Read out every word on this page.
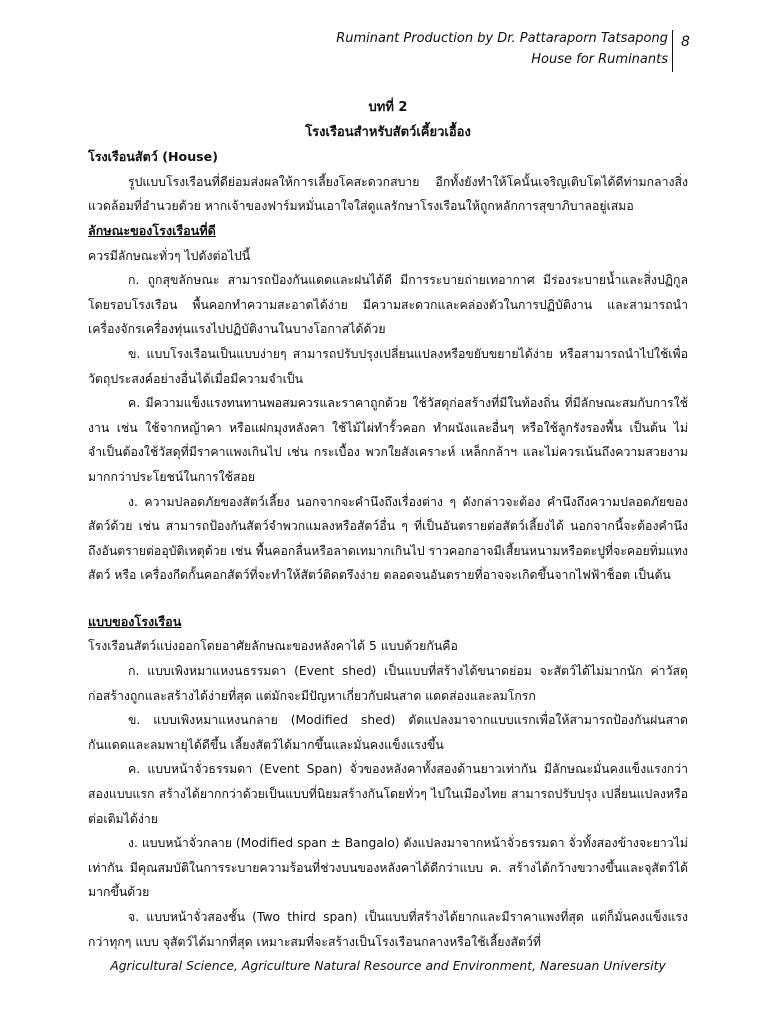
Ruminant Production by Dr. Pattaraporn Tatsapong
House for Ruminants
8
บทที่ 2
โรงเรือนสำหรับสัตว์เคี้ยวเอื้อง
โรงเรือนสัตว์ (House)

รูปแบบโรงเรือนที่ดีย่อมส่งผลให้การเลี้ยงโคสะดวกสบาย อีกทั้งยังทำให้โคนั้นเจริญเติบโตได้ดีท่ามกลางสิ่งแวดล้อมที่อำนวยด้วย หากเจ้าของฟาร์มหมั่นเอาใจใส่ดูแลรักษาโรงเรือนให้ถูกหลักการสุขาภิบาลอยู่เสมอ

ลักษณะของโรงเรือนที่ดี

ควรมีลักษณะทั่วๆ ไปดังต่อไปนี้

ก. ถูกสุขลักษณะ สามารถป้องกันแดดและฝนได้ดี มีการระบายถ่ายเทอากาศ มีร่องระบายน้ำและสิ่งปฏิกูลโดยรอบโรงเรือน พื้นคอกทำความสะอาดได้ง่าย มีความสะดวกและคล่องตัวในการปฏิบัติงาน และสามารถนำเครื่องจักรเครื่องทุ่นแรงไปปฏิบัติงานในบางโอกาสได้ด้วย

ข. แบบโรงเรือนเป็นแบบง่ายๆ สามารถปรับปรุงเปลี่ยนแปลงหรือขยับขยายได้ง่าย หรือสามารถนำไปใช้เพื่อวัตถุประสงค์อย่างอื่นได้เมื่อมีความจำเป็น

ค. มีความแข็งแรงทนทานพอสมควรและราคาถูกด้วย ใช้วัสดุก่อสร้างที่มีในท้องถิ่น ที่มีลักษณะสมกับการใช้งาน เช่น ใช้จากหญ้าคา หรือแฝกมุงหลังคา ใช้ไม้ไผ่ทำรั้วคอก ทำผนังและอื่นๆ หรือใช้ลูกรังรองพื้น เป็นต้น ไม่จำเป็นต้องใช้วัสดุที่มีราคาแพงเกินไป เช่น กระเบื้อง พวกใยสังเคราะห์ เหล็กกล้าฯ และไม่ควรเน้นถึงความสวยงามมากกว่าประโยชน์ในการใช้สอย

ง. ความปลอดภัยของสัตว์เลี้ยง นอกจากจะคำนึงถึงเรื่องต่าง ๆ ดังกล่าวจะต้อง คำนึงถึงความปลอดภัยของสัตว์ด้วย เช่น สามารถป้องกันสัตว์จำพวกแมลงหรือสัตว์อื่น ๆ ที่เป็นอันตรายต่อสัตว์เลี้ยงได้ นอกจากนี้จะต้องคำนึงถึงอันตรายต่ออุบัติเหตุด้วย เช่น พื้นคอกลื่นหรือลาดเทมากเกินไป ราวคอกอาจมีเสี้ยนหนามหรือตะปูที่จะคอยทิ่มแทงสัตว์ หรือ เครื่องกีดกั้นคอกสัตว์ที่จะทำให้สัตว์ติดตรึงง่าย ตลอดจนอันตรายที่อาจจะเกิดขึ้นจากไฟฟ้าช็อต เป็นต้น

แบบของโรงเรือน

โรงเรือนสัตว์แบ่งออกโดยอาศัยลักษณะของหลังคาได้ 5 แบบด้วยกันคือ

ก. แบบเพิงหมาแหงนธรรมดา (Event shed) เป็นแบบที่สร้างได้ขนาดย่อม จะสัตว์ได้ไม่มากนัก ค่าวัสดุก่อสร้างถูกและสร้างได้ง่ายที่สุด แต่มักจะมีปัญหาเกี่ยวกับฝนสาด แดดส่องและลมโกรก

ข. แบบเพิงหมาแหงนกลาย (Modified shed) ดัดแปลงมาจากแบบแรกเพื่อให้สามารถป้องกันฝนสาดกันแดดและลมพายุได้ดีขึ้น เลี้ยงสัตว์ได้มากขึ้นและมั่นคงแข็งแรงขึ้น

ค. แบบหน้าจั่วธรรมดา (Event Span) จั่วของหลังคาทั้งสองด้านยาวเท่ากัน มีลักษณะมั่นคงแข็งแรงกว่าสองแบบแรก สร้างได้ยากกว่าด้วยเป็นแบบที่นิยมสร้างกันโดยทั่วๆ ไปในเมืองไทย สามารถปรับปรุง เปลี่ยนแปลงหรือต่อเติมได้ง่าย

ง. แบบหน้าจั่วกลาย (Modified span ± Bangalo) ดังแปลงมาจากหน้าจั่วธรรมดา จั่วทั้งสองข้างจะยาวไม่เท่ากัน มีคุณสมบัติในการระบายความร้อนที่ช่วงบนของหลังคาได้ดีกว่าแบบ ค. สร้างได้กว้างขวางขึ้นและจุสัตว์ได้มากขึ้นด้วย

จ. แบบหน้าจั่วสองชั้น (Two third span) เป็นแบบที่สร้างได้ยากและมีราคาแพงที่สุด แต่ก็มั่นคงแข็งแรงกว่าทุกๆ แบบ จุสัตว์ได้มากที่สุด เหมาะสมที่จะสร้างเป็นโรงเรือนกลางหรือใช้เลี้ยงสัตว์ที่

Agricultural Science, Agriculture Natural Resource and Environment, Naresuan University
